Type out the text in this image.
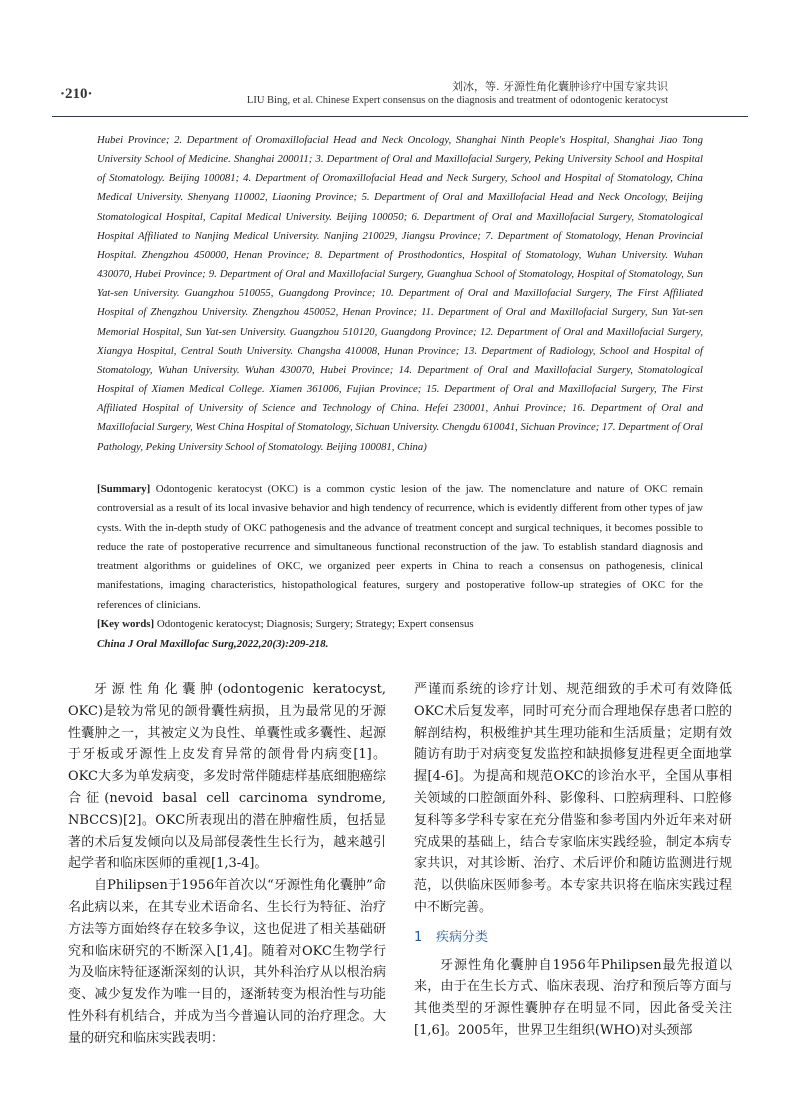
·210·	刘冰，等. 牙源性角化囊肿诊疗中国专家共识
LIU Bing, et al. Chinese Expert consensus on the diagnosis and treatment of odontogenic keratocyst
Hubei Province; 2. Department of Oromaxillofacial Head and Neck Oncology, Shanghai Ninth People's Hospital, Shanghai Jiao Tong University School of Medicine. Shanghai 200011; 3. Department of Oral and Maxillofacial Surgery, Peking University School and Hospital of Stomatology. Beijing 100081; 4. Department of Oromaxillofacial Head and Neck Surgery, School and Hospital of Stomatology, China Medical University. Shenyang 110002, Liaoning Province; 5. Department of Oral and Maxillofacial Head and Neck Oncology, Beijing Stomatological Hospital, Capital Medical University. Beijing 100050; 6. Department of Oral and Maxillofacial Surgery, Stomatological Hospital Affiliated to Nanjing Medical University. Nanjing 210029, Jiangsu Province; 7. Department of Stomatology, Henan Provincial Hospital. Zhengzhou 450000, Henan Province; 8. Department of Prosthodontics, Hospital of Stomatology, Wuhan University. Wuhan 430070, Hubei Province; 9. Department of Oral and Maxillofacial Surgery, Guanghua School of Stomatology, Hospital of Stomatology, Sun Yat-sen University. Guangzhou 510055, Guangdong Province; 10. Department of Oral and Maxillofacial Surgery, The First Affiliated Hospital of Zhengzhou University. Zhengzhou 450052, Henan Province; 11. Department of Oral and Maxillofacial Surgery, Sun Yat-sen Memorial Hospital, Sun Yat-sen University. Guangzhou 510120, Guangdong Province; 12. Department of Oral and Maxillofacial Surgery, Xiangya Hospital, Central South University. Changsha 410008, Hunan Province; 13. Department of Radiology, School and Hospital of Stomatology, Wuhan University. Wuhan 430070, Hubei Province; 14. Department of Oral and Maxillofacial Surgery, Stomatological Hospital of Xiamen Medical College. Xiamen 361006, Fujian Province; 15. Department of Oral and Maxillofacial Surgery, The First Affiliated Hospital of University of Science and Technology of China. Hefei 230001, Anhui Province; 16. Department of Oral and Maxillofacial Surgery, West China Hospital of Stomatology, Sichuan University. Chengdu 610041, Sichuan Province; 17. Department of Oral Pathology, Peking University School of Stomatology. Beijing 100081, China)
[Summary] Odontogenic keratocyst (OKC) is a common cystic lesion of the jaw. The nomenclature and nature of OKC remain controversial as a result of its local invasive behavior and high tendency of recurrence, which is evidently different from other types of jaw cysts. With the in-depth study of OKC pathogenesis and the advance of treatment concept and surgical techniques, it becomes possible to reduce the rate of postoperative recurrence and simultaneous functional reconstruction of the jaw. To establish standard diagnosis and treatment algorithms or guidelines of OKC, we organized peer experts in China to reach a consensus on pathogenesis, clinical manifestations, imaging characteristics, histopathological features, surgery and postoperative follow-up strategies of OKC for the references of clinicians.
[Key words] Odontogenic keratocyst; Diagnosis; Surgery; Strategy; Expert consensus
China J Oral Maxillofac Surg,2022,20(3):209-218.

牙源性角化囊肿(odontogenic keratocyst, OKC)是较为常见的颌骨囊性病损，且为最常见的牙源性囊肿之一，其被定义为良性、单囊性或多囊性、起源于牙板或牙源性上皮发育异常的颌骨骨内病变[1]。OKC大多为单发病变，多发时常伴随痣样基底细胞癌综合征(nevoid basal cell carcinoma syndrome, NBCCS)[2]。OKC所表现出的潜在肿瘤性质，包括显著的术后复发倾向以及局部侵袭性生长行为，越来越引起学者和临床医师的重视[1,3-4]。

自Philipsen于1956年首次以“牙源性角化囊肿”命名此病以来，在其专业术语命名、生长行为特征、治疗方法等方面始终存在较多争议，这也促进了相关基础研究和临床研究的不断深入[1,4]。随着对OKC生物学行为及临床特征逐渐深刻的认识，其外科治疗从以根治病变、减少复发作为唯一目的，逐渐转变为根治性与功能性外科有机结合，并成为当今普遍认同的治疗理念。大量的研究和临床实践表明：

严谨而系统的诊疗计划、规范细致的手术可有效降低OKC术后复发率，同时可充分而合理地保存患者口腔的解剖结构，积极维护其生理功能和生活质量；定期有效随访有助于对病变复发监控和缺损修复进程更全面地掌握[4-6]。为提高和规范OKC的诊治水平，全国从事相关领域的口腔颌面外科、影像科、口腔病理科、口腔修复科等多学科专家在充分借鉴和参考国内外近年来对研究成果的基础上，结合专家临床实践经验，制定本病专家共识，对其诊断、治疗、术后评价和随访监测进行规范，以供临床医师参考。本专家共识将在临床实践过程中不断完善。

1 疾病分类

牙源性角化囊肿自1956年Philipsen最先报道以来，由于在生长方式、临床表现、治疗和预后等方面与其他类型的牙源性囊肿存在明显不同，因此备受关注[1,6]。2005年，世界卫生组织(WHO)对头颈部
